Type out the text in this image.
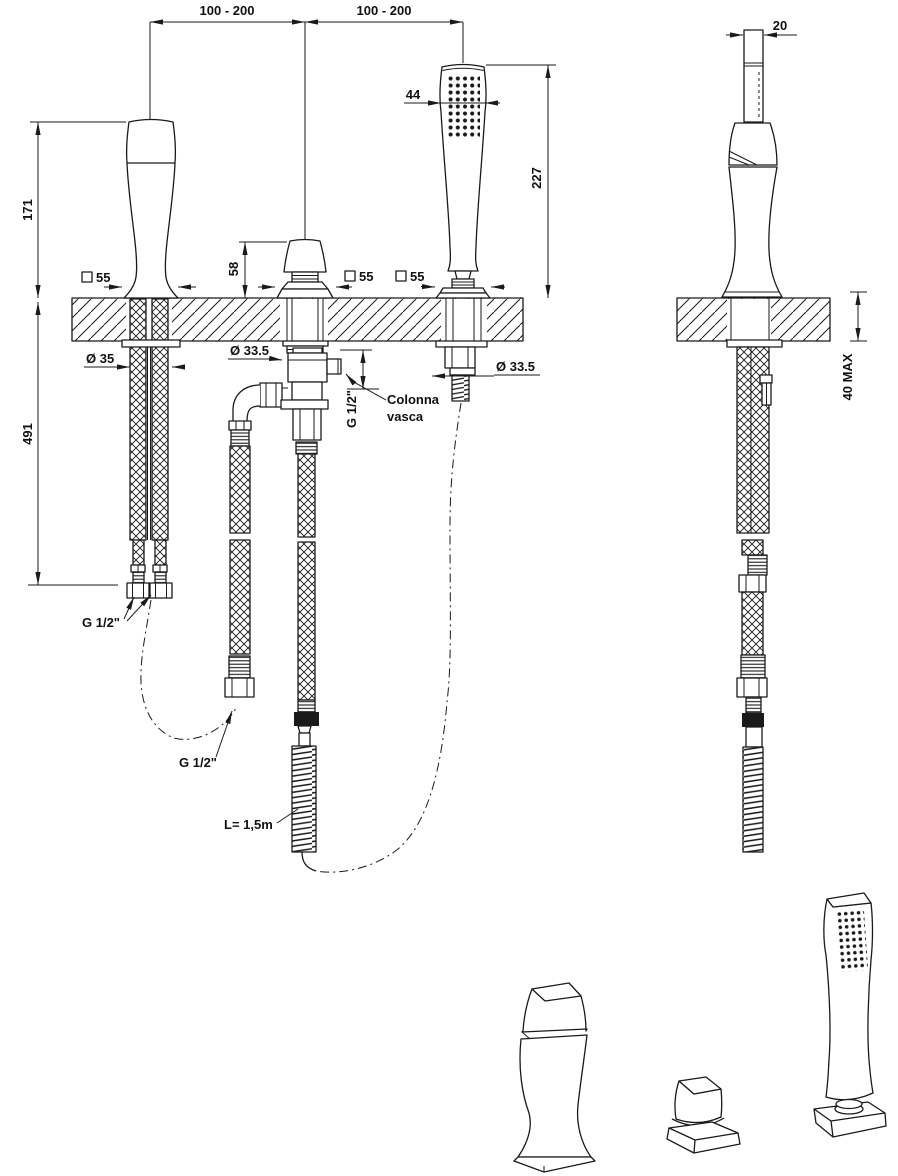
100 - 200	100 - 200
171
491
58
44
227
55	55	55
Ø 35
Ø 33.5
Ø 33.5
G 1/2"
G 1/2"
G 1/2" Colonna
vasca
L= 1,5m
20
40 MAX
